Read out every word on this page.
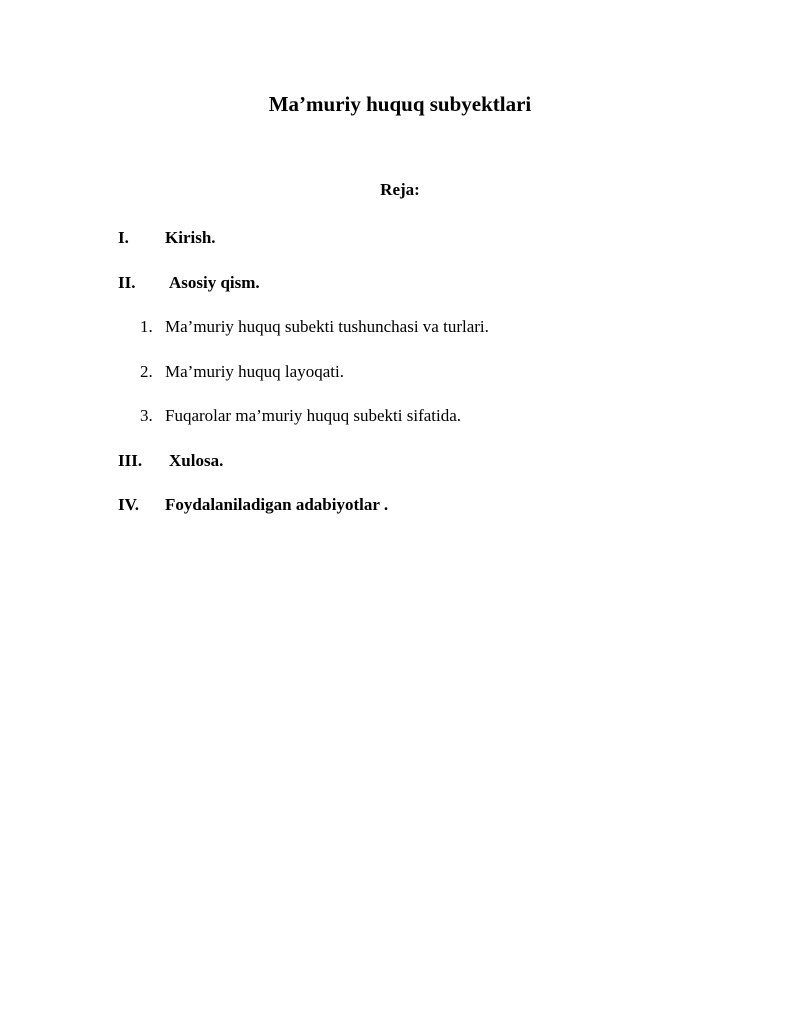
Ma’muriy huquq subyektlari
Reja:
I. Kirish.
II. Asosiy qism.
1. Ma’muriy huquq subekti tushunchasi va turlari.
2. Ma’muriy huquq layoqati.
3. Fuqarolar ma’muriy huquq subekti sifatida.
III. Xulosa.
IV. Foydalaniladigan adabiyotlar .
